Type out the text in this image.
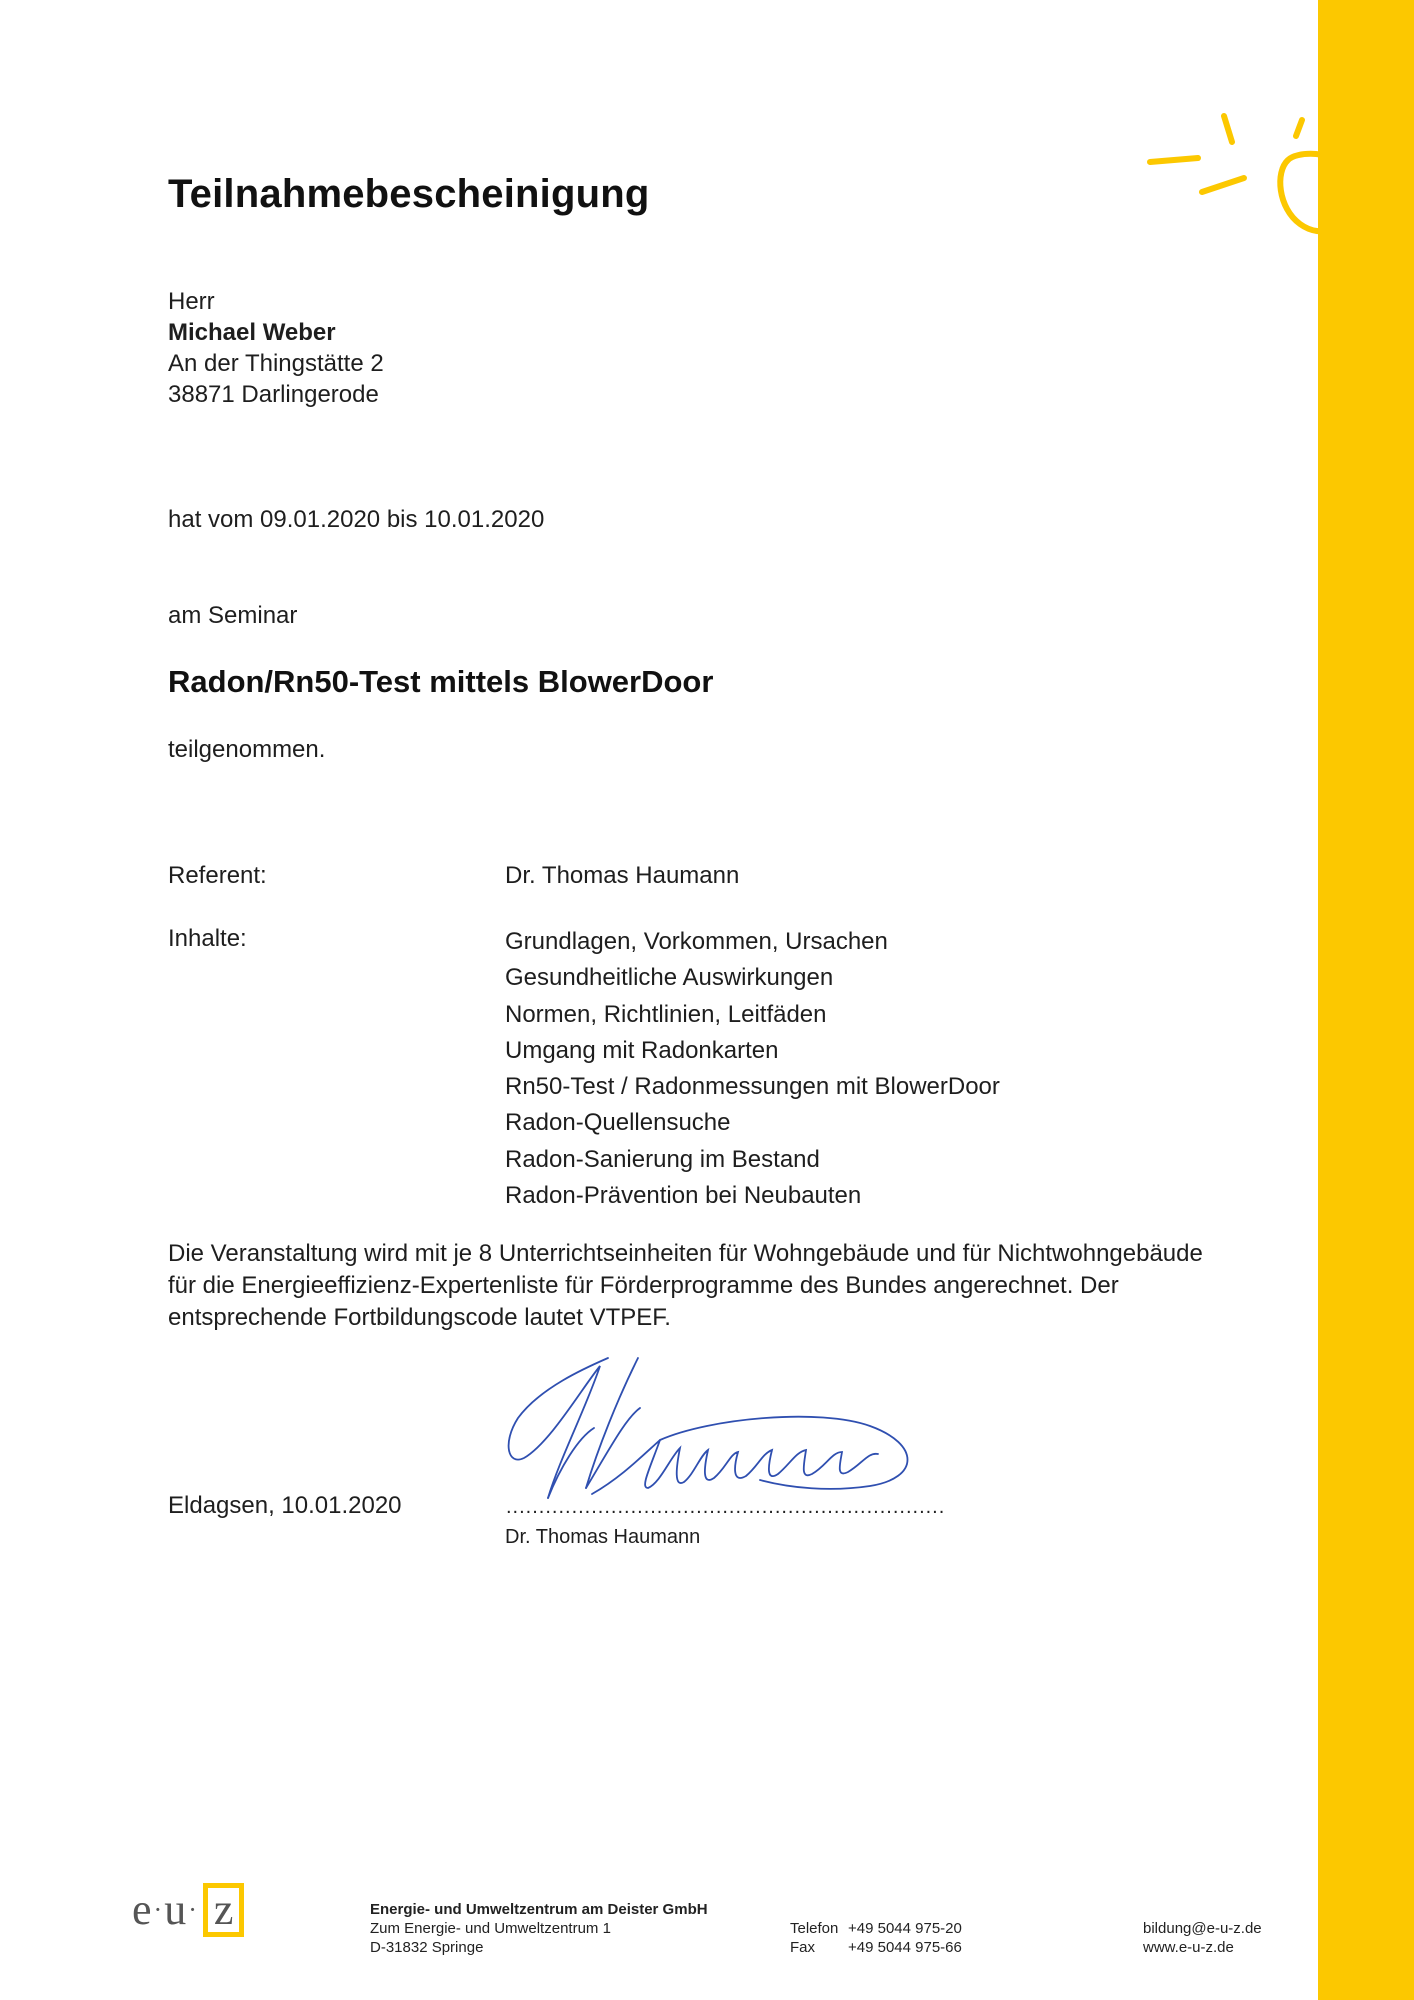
Teilnahmebescheinigung
Herr
Michael Weber
An der Thingstätte 2
38871 Darlingerode
hat vom 09.01.2020 bis 10.01.2020
am Seminar
Radon/Rn50-Test mittels BlowerDoor
teilgenommen.
Referent:	Dr. Thomas Haumann
Inhalte:	Grundlagen, Vorkommen, Ursachen
Gesundheitliche Auswirkungen
Normen, Richtlinien, Leitfäden
Umgang mit Radonkarten
Rn50-Test / Radonmessungen mit BlowerDoor
Radon-Quellensuche
Radon-Sanierung im Bestand
Radon-Prävention bei Neubauten
Die Veranstaltung wird mit je 8 Unterrichtseinheiten für Wohngebäude und für Nichtwohngebäude
für die Energieeffizienz-Expertenliste für Förderprogramme des Bundes angerechnet. Der
entsprechende Fortbildungscode lautet VTPEF.
...................................................................
Eldagsen, 10.01.2020
Dr. Thomas Haumann
e · u · z	Energie- und Umweltzentrum am Deister GmbH
Zum Energie- und Umweltzentrum 1
D-31832 Springe
Telefon +49 5044 975-20
Fax +49 5044 975-66
bildung@e-u-z.de
www.e-u-z.de
